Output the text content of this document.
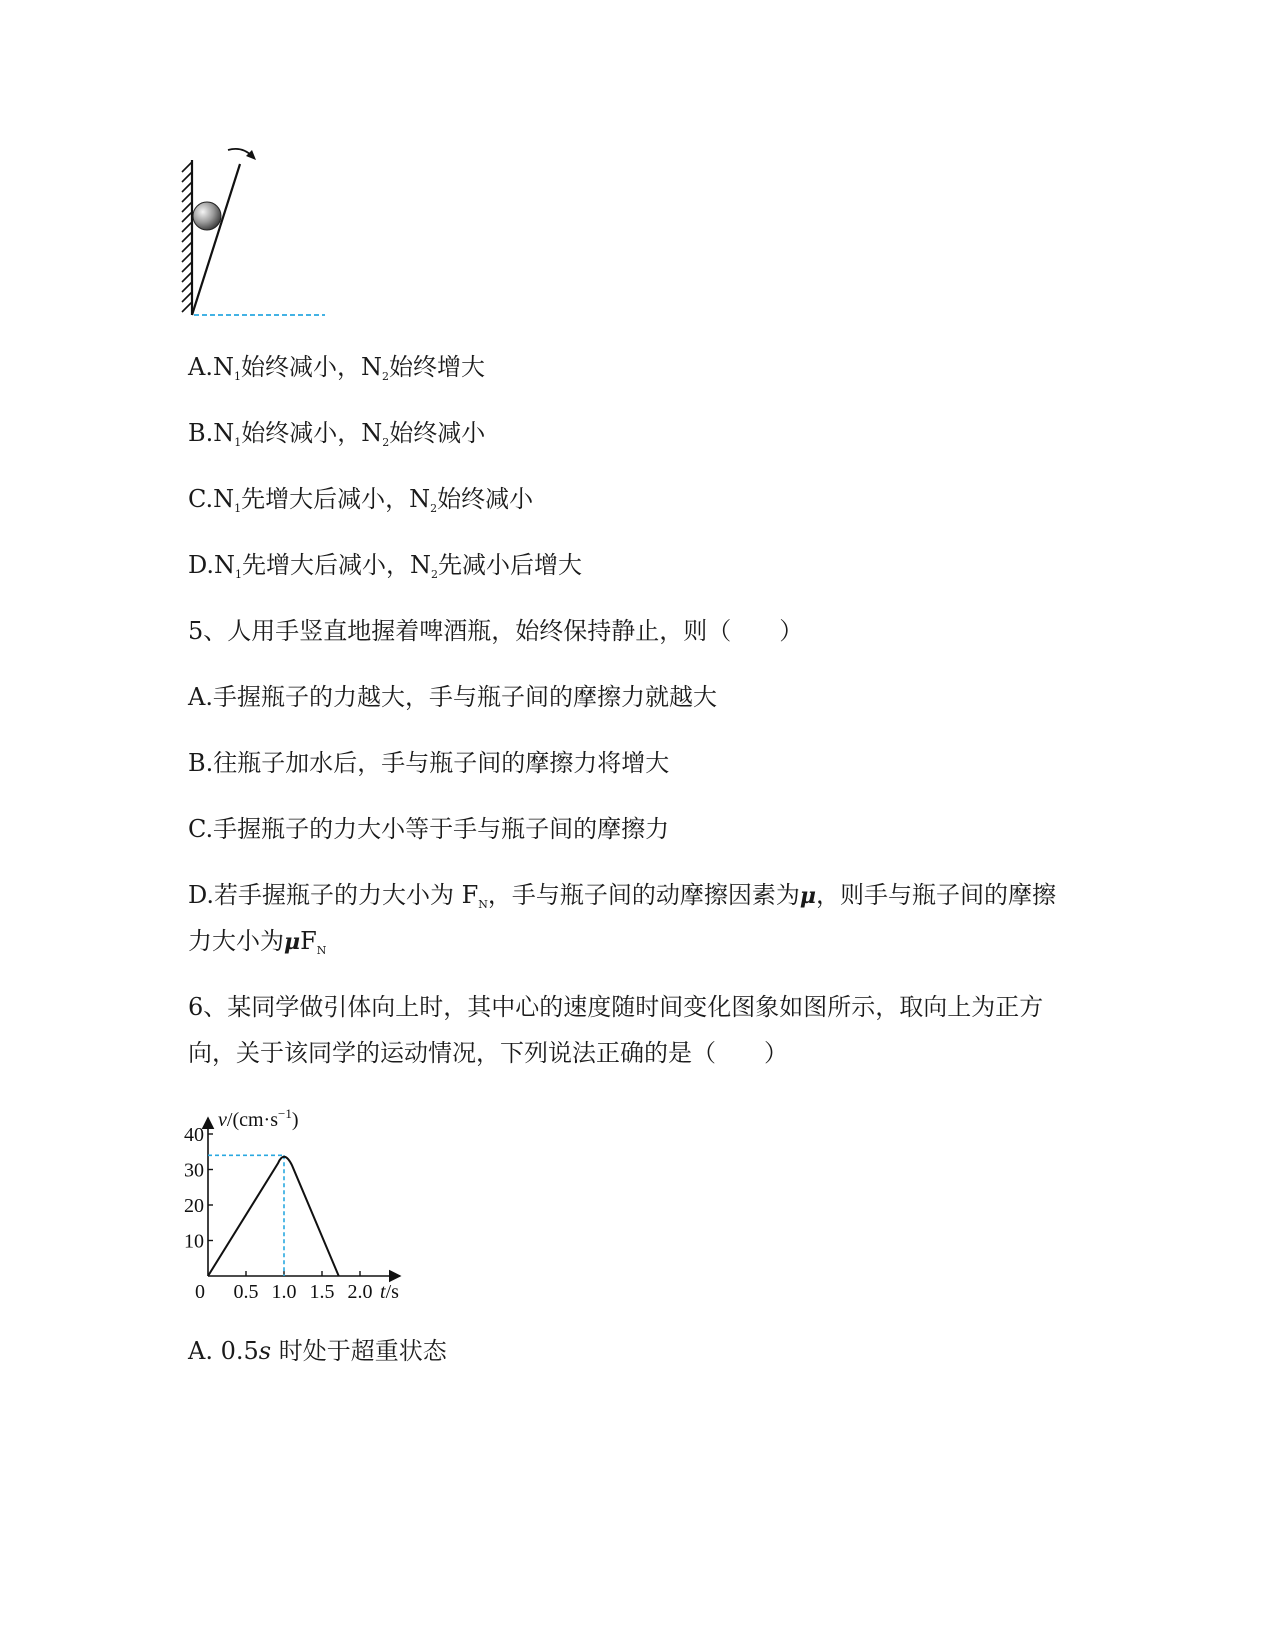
$A.N_1$始终减小，$N_2$始终增大
$B.N_1$始终减小，$N_2$始终减小
$C.N_1$先增大后减小，$N_2$始终减小
$D.N_1$先增大后减小，$N_2$先减小后增大
5、人用手竖直地握着啤酒瓶，始终保持静止，则（　　）
A.手握瓶子的力越大，手与瓶子间的摩擦力就越大
B.往瓶子加水后，手与瓶子间的摩擦力将增大
C.手握瓶子的力大小等于手与瓶子间的摩擦力
D.若手握瓶子的力大小为 $F_N$，手与瓶子间的动摩擦因素为μ，则手与瓶子间的摩擦
力大小为$\mu F_N$
6、某同学做引体向上时，其中心的速度随时间变化图象如图所示，取向上为正方
向，关于该同学的运动情况，下列说法正确的是（　　）
10
20
30
40
0 0.5 1.0 1.5 2.0
$v/(cm\cdot s^{-1})$
t/s
A. 0.5s 时处于超重状态
